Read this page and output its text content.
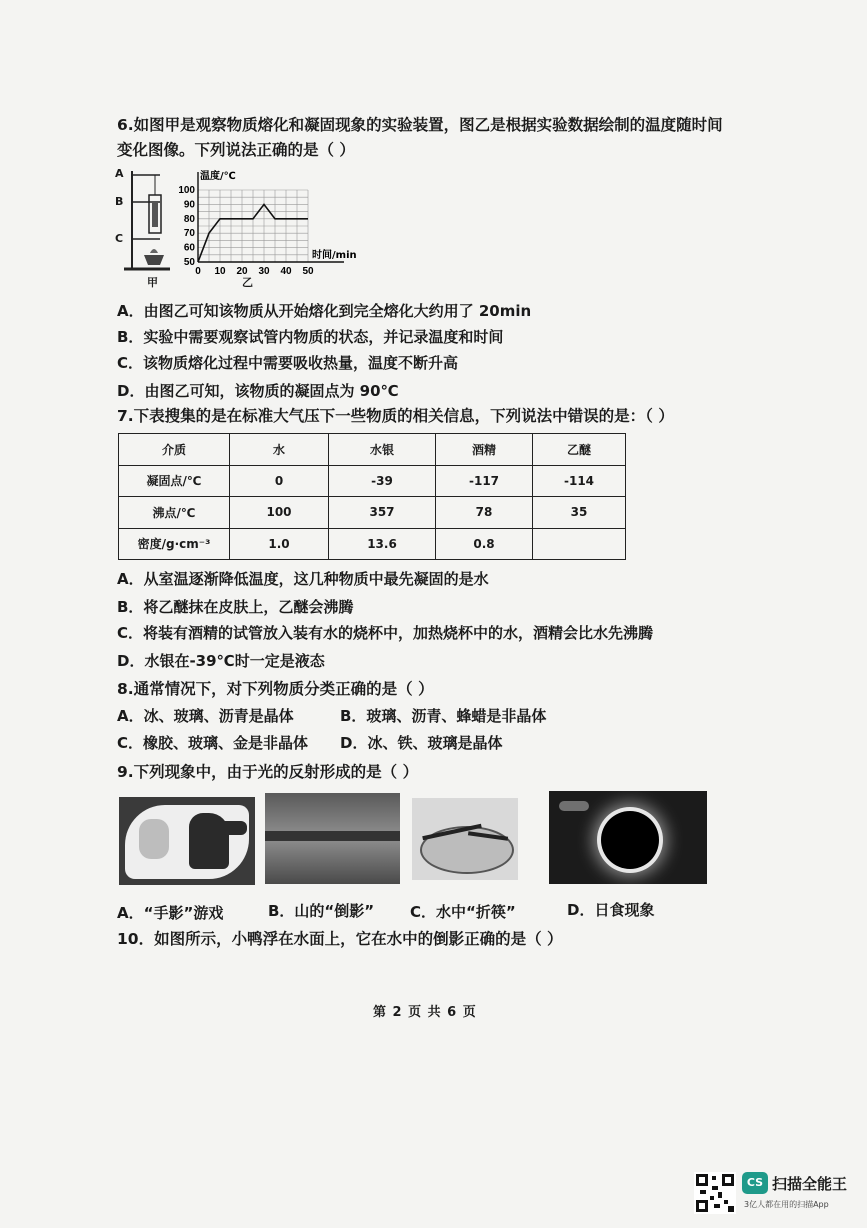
6.如图甲是观察物质熔化和凝固现象的实验装置，图乙是根据实验数据绘制的温度随时间
变化图像。下列说法正确的是（ ）
A
B
C
甲
0 10 20 30 40 50
50
60
70
80
90
100
温度/℃
时间/min
乙
A．由图乙可知该物质从开始熔化到完全熔化大约用了 20min
B．实验中需要观察试管内物质的状态，并记录温度和时间
C．该物质熔化过程中需要吸收热量，温度不断升高
D．由图乙可知，该物质的凝固点为 90℃
7.下表搜集的是在标准大气压下一些物质的相关信息，下列说法中错误的是：（ ）
介质	水	水银	酒精	乙醚
凝固点/℃	0	-39	-117	-114
沸点/℃	100	357	78	35
密度/g·cm⁻³	1.0	13.6	0.8	
A．从室温逐渐降低温度，这几种物质中最先凝固的是水
B．将乙醚抹在皮肤上，乙醚会沸腾
C．将装有酒精的试管放入装有水的烧杯中，加热烧杯中的水，酒精会比水先沸腾
D．水银在-39℃时一定是液态
8.通常情况下，对下列物质分类正确的是（ ）
A．冰、玻璃、沥青是晶体	B．玻璃、沥青、蜂蜡是非晶体
C．橡胶、玻璃、金是非晶体 D．冰、铁、玻璃是晶体
9.下列现象中，由于光的反射形成的是（ ）
A．“手影”游戏	B．山的“倒影” C．水中“折筷”	D．日食现象
10．如图所示，小鸭浮在水面上，它在水中的倒影正确的是（ ）
第 2 页 共 6 页
CS 扫描全能王
3亿人都在用的扫描App
